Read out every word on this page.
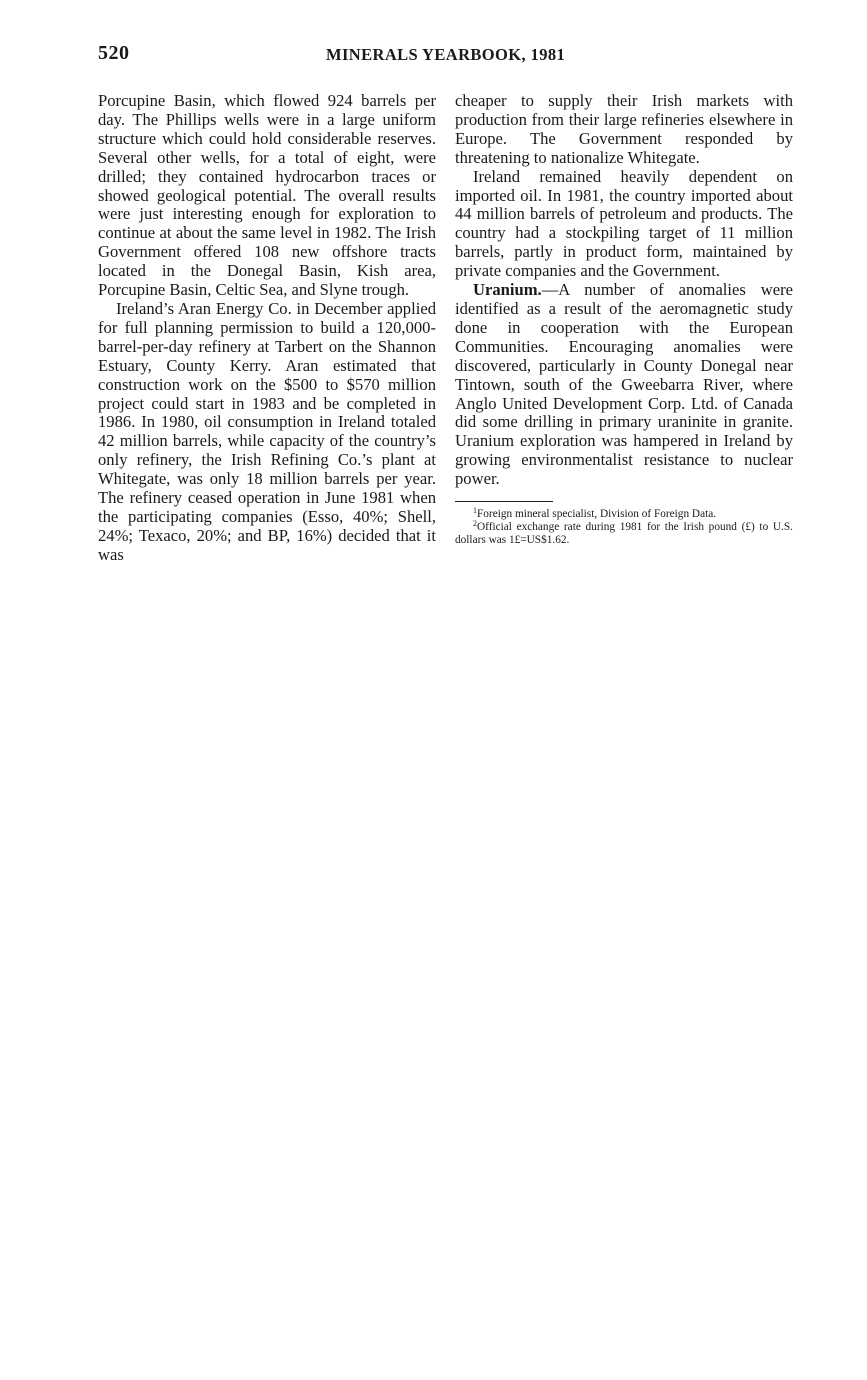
520	MINERALS YEARBOOK, 1981

Porcupine Basin, which flowed 924 barrels per day. The Phillips wells were in a large uniform structure which could hold considerable reserves. Several other wells, for a total of eight, were drilled; they contained hydrocarbon traces or showed geological potential. The overall results were just interesting enough for exploration to continue at about the same level in 1982. The Irish Government offered 108 new offshore tracts located in the Donegal Basin, Kish area, Porcupine Basin, Celtic Sea, and Slyne trough.

Ireland’s Aran Energy Co. in December applied for full planning permission to build a 120,000-barrel-per-day refinery at Tarbert on the Shannon Estuary, County Kerry. Aran estimated that construction work on the $500 to $570 million project could start in 1983 and be completed in 1986. In 1980, oil consumption in Ireland totaled 42 million barrels, while capacity of the country’s only refinery, the Irish Refining Co.’s plant at Whitegate, was only 18 million barrels per year. The refinery ceased operation in June 1981 when the participating companies (Esso, 40%; Shell, 24%; Texaco, 20%; and BP, 16%) decided that it was

cheaper to supply their Irish markets with production from their large refineries elsewhere in Europe. The Government responded by threatening to nationalize Whitegate.

Ireland remained heavily dependent on imported oil. In 1981, the country imported about 44 million barrels of petroleum and products. The country had a stockpiling target of 11 million barrels, partly in product form, maintained by private companies and the Government.

Uranium.—A number of anomalies were identified as a result of the aeromagnetic study done in cooperation with the European Communities. Encouraging anomalies were discovered, particularly in County Donegal near Tintown, south of the Gweebarra River, where Anglo United Development Corp. Ltd. of Canada did some drilling in primary uraninite in granite. Uranium exploration was hampered in Ireland by growing environmentalist resistance to nuclear power.

$^1$Foreign mineral specialist, Division of Foreign Data.

$^2$Official exchange rate during 1981 for the Irish pound (£) to U.S. dollars was 1£=US$1.62.
